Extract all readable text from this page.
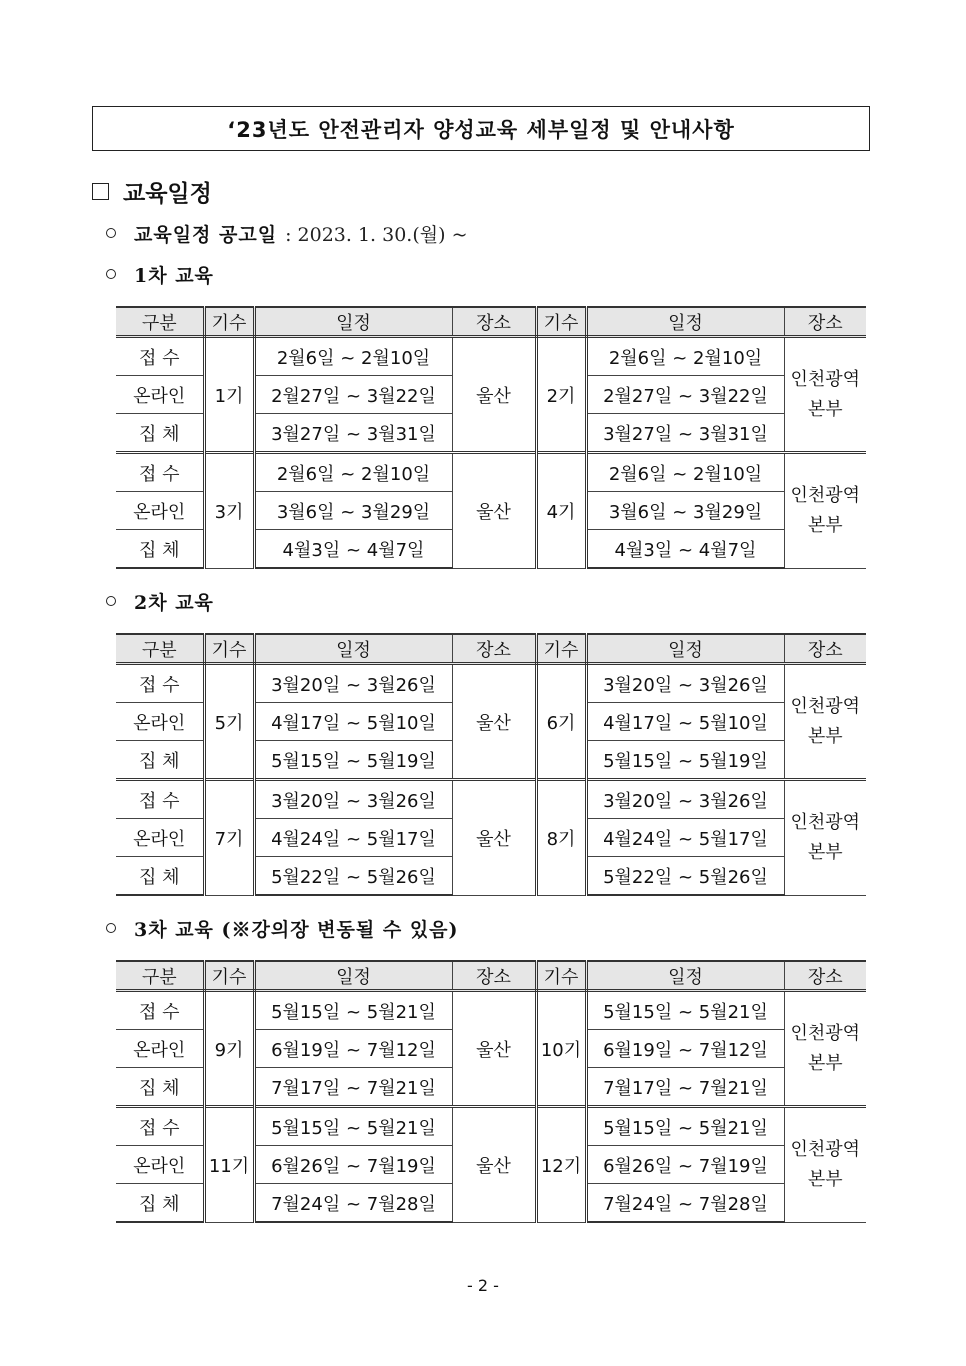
‘23년도 안전관리자 양성교육 세부일정 및 안내사항
교육일정
교육일정 공고일 : 2023. 1. 30.(월) ~
1차 교육
구분	기수	일정	장소	기수	일정	장소
접 수	1기	2월6일 ~ 2월10일	울산	2기	2월6일 ~ 2월10일	인천광역
본부
온라인		2월27일 ~ 3월22일			2월27일 ~ 3월22일	
집 체		3월27일 ~ 3월31일			3월27일 ~ 3월31일	
접 수	3기	2월6일 ~ 2월10일	울산	4기	2월6일 ~ 2월10일	인천광역
본부
온라인		3월6일 ~ 3월29일			3월6일 ~ 3월29일	
집 체		4월3일 ~ 4월7일			4월3일 ~ 4월7일	
2차 교육
구분	기수	일정	장소	기수	일정	장소
접 수	5기	3월20일 ~ 3월26일	울산	6기	3월20일 ~ 3월26일	인천광역
본부
온라인		4월17일 ~ 5월10일			4월17일 ~ 5월10일	
집 체		5월15일 ~ 5월19일			5월15일 ~ 5월19일	
접 수	7기	3월20일 ~ 3월26일	울산	8기	3월20일 ~ 3월26일	인천광역
본부
온라인		4월24일 ~ 5월17일			4월24일 ~ 5월17일	
집 체		5월22일 ~ 5월26일			5월22일 ~ 5월26일	
3차 교육 (※강의장 변동될 수 있음)
구분	기수	일정	장소	기수	일정	장소
접 수	9기	5월15일 ~ 5월21일	울산	10기	5월15일 ~ 5월21일	인천광역
본부
온라인		6월19일 ~ 7월12일			6월19일 ~ 7월12일	
집 체		7월17일 ~ 7월21일			7월17일 ~ 7월21일	
접 수	11기	5월15일 ~ 5월21일	울산	12기	5월15일 ~ 5월21일	인천광역
본부
온라인		6월26일 ~ 7월19일			6월26일 ~ 7월19일	
집 체		7월24일 ~ 7월28일			7월24일 ~ 7월28일	
- 2 -
